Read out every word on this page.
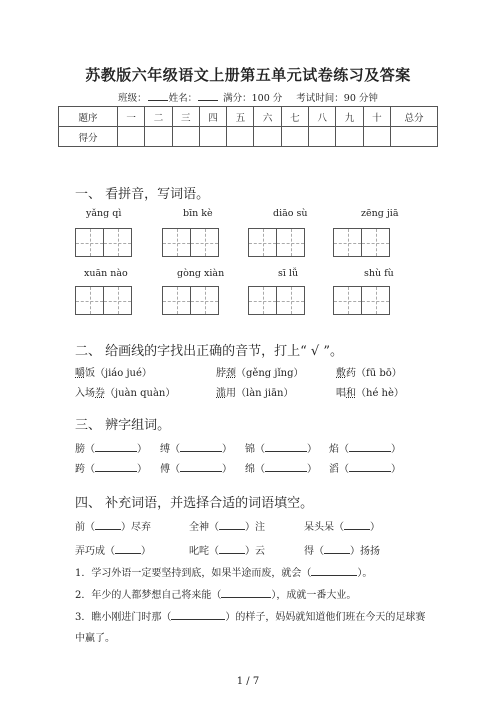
苏教版六年级语文上册第五单元试卷练习及答案
班级： 姓名：	满分：100 分 考试时间：90 分钟
题序	一	二	三	四	五	六	七	八	九	十	总分
得分											
一、 看拼音，写词语。
yǎng qì	bīn kè	diāo sù	zēng jiā
xuān nào	gòng xiàn	sī lǚ	shù fù
二、 给画线的字找出正确的音节，打上“ √ ”。
嚼饭（jiáo jué）	脖颈（gěng jǐng）	敷药（fū bō）
入场券（juàn quàn）	滥用（làn jiān）	唱和（hé hè）
三、 辨字组词。
膀（	） 缚（	） 锦（	） 焰（	）
跨（	） 傅（	） 绵（	） 滔（	）
四、 补充词语，并选择合适的词语填空。
前（	）尽弃	全神（	）注	呆头呆（	）
弄巧成（	）	叱咤（	）云	得（	）扬扬
1．学习外语一定要坚持到底，如果半途而废，就会（	）。
2．年少的人都梦想自己将来能（	），成就一番大业。
3．瞧小刚进门时那（	）的样子，妈妈就知道他们班在今天的足球赛
中赢了。
1 / 7
